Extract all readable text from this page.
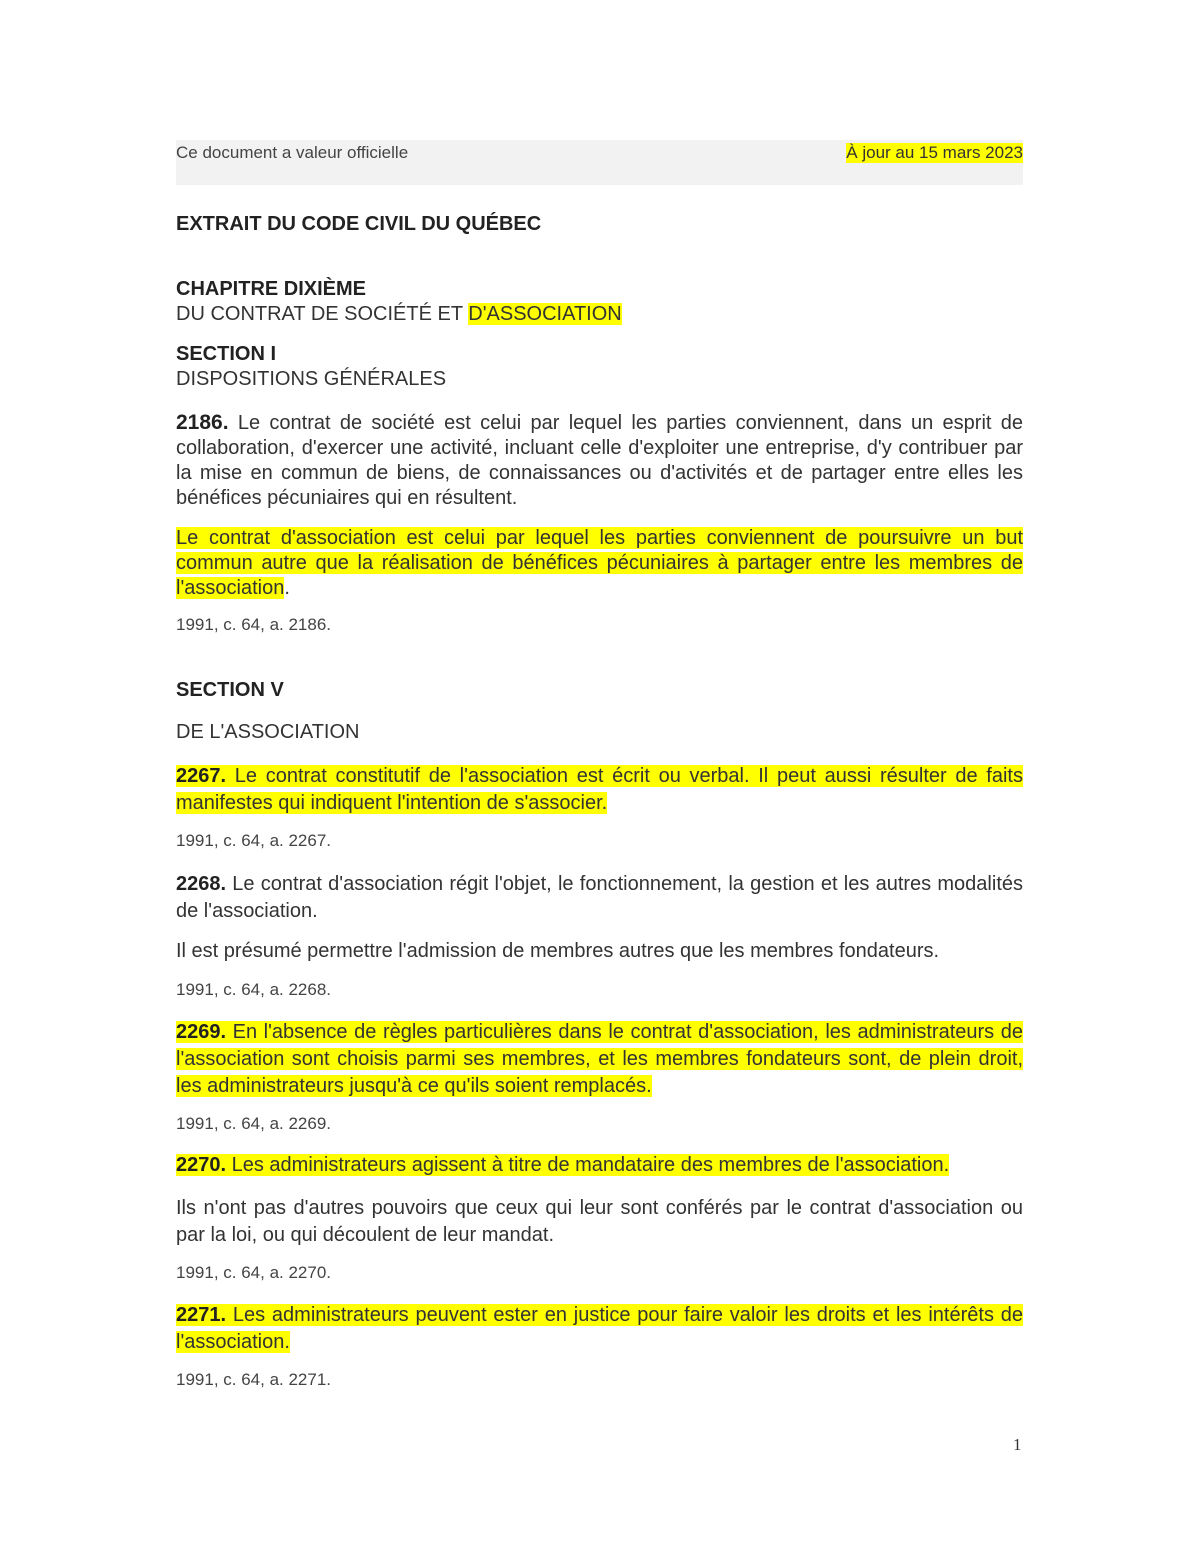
Ce document a valeur officielle	À jour au 15 mars 2023
EXTRAIT DU CODE CIVIL DU QUÉBEC
CHAPITRE DIXIÈME
DU CONTRAT DE SOCIÉTÉ ET D'ASSOCIATION
SECTION I
DISPOSITIONS GÉNÉRALES
2186. Le contrat de société est celui par lequel les parties conviennent, dans un esprit de collaboration, d'exercer une activité, incluant celle d'exploiter une entreprise, d'y contribuer par la mise en commun de biens, de connaissances ou d'activités et de partager entre elles les bénéfices pécuniaires qui en résultent.
Le contrat d'association est celui par lequel les parties conviennent de poursuivre un but commun autre que la réalisation de bénéfices pécuniaires à partager entre les membres de l'association.
1991, c. 64, a. 2186.
SECTION V
DE L'ASSOCIATION
2267. Le contrat constitutif de l'association est écrit ou verbal. Il peut aussi résulter de faits manifestes qui indiquent l'intention de s'associer.
1991, c. 64, a. 2267.
2268. Le contrat d'association régit l'objet, le fonctionnement, la gestion et les autres modalités de l'association.
Il est présumé permettre l'admission de membres autres que les membres fondateurs.
1991, c. 64, a. 2268.
2269. En l'absence de règles particulières dans le contrat d'association, les administrateurs de l'association sont choisis parmi ses membres, et les membres fondateurs sont, de plein droit, les administrateurs jusqu'à ce qu'ils soient remplacés.
1991, c. 64, a. 2269.
2270. Les administrateurs agissent à titre de mandataire des membres de l'association.
Ils n'ont pas d'autres pouvoirs que ceux qui leur sont conférés par le contrat d'association ou par la loi, ou qui découlent de leur mandat.
1991, c. 64, a. 2270.
2271. Les administrateurs peuvent ester en justice pour faire valoir les droits et les intérêts de l'association.
1991, c. 64, a. 2271.
1
